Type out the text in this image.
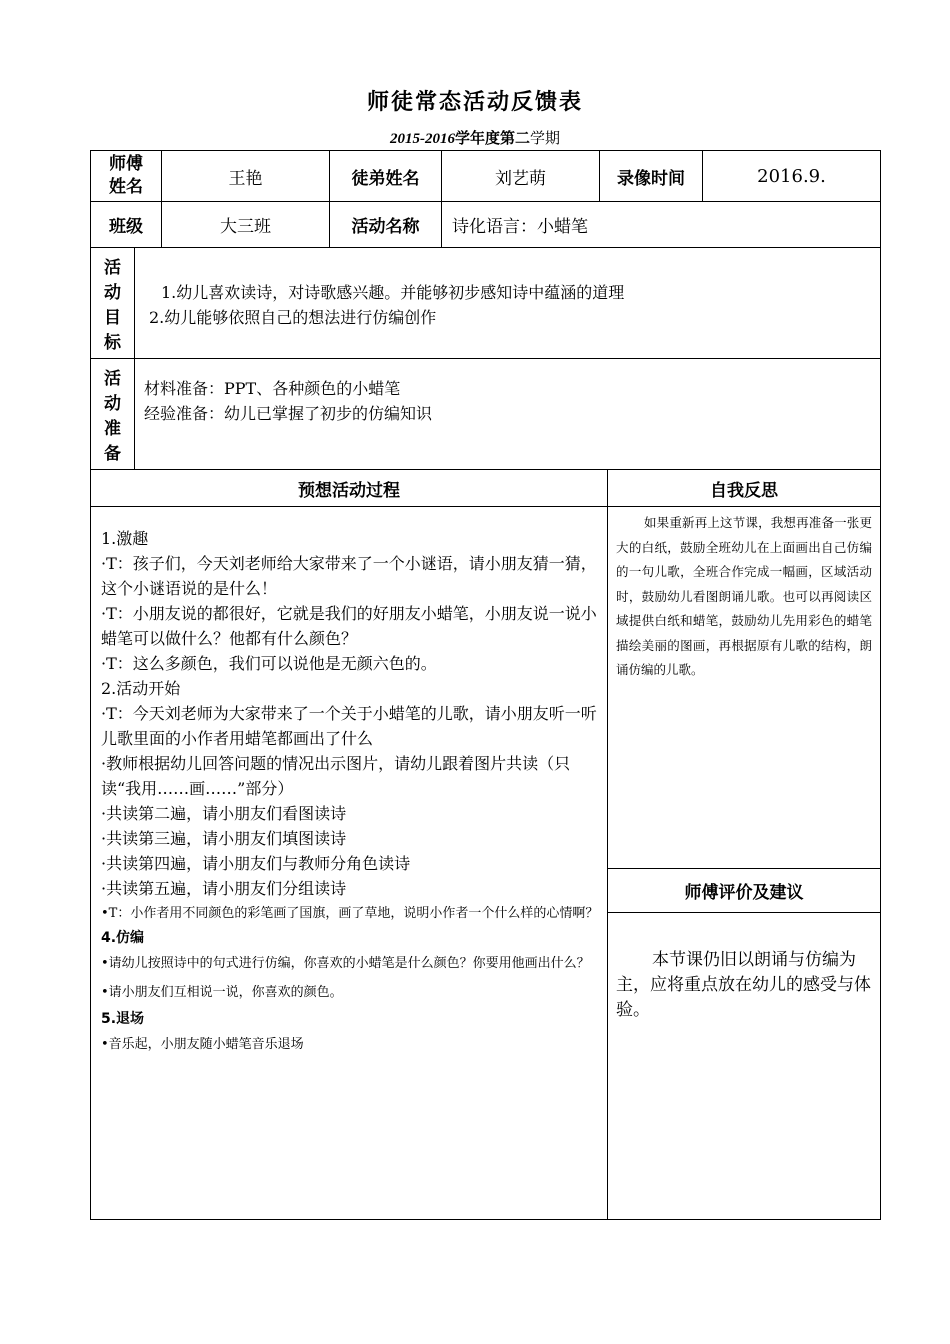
师徒常态活动反馈表
2015-2016学年度第二学期
师傅姓名	王艳	徒弟姓名	刘艺萌	录像时间	2016.9.
班级	大三班	活动名称	诗化语言：小蜡笔
活动目标

1.幼儿喜欢读诗，对诗歌感兴趣。并能够初步感知诗中蕴涵的道理

2.幼儿能够依照自己的想法进行仿编创作

活动准备

材料准备：PPT、各种颜色的小蜡笔

经验准备：幼儿已掌握了初步的仿编知识

预想活动过程	自我反思

1.激趣

·T：孩子们，今天刘老师给大家带来了一个小谜语，请小朋友猜一猜，这个小谜语说的是什么！

·T：小朋友说的都很好，它就是我们的好朋友小蜡笔，小朋友说一说小蜡笔可以做什么？他都有什么颜色？

·T：这么多颜色，我们可以说他是无颜六色的。

2.活动开始

·T：今天刘老师为大家带来了一个关于小蜡笔的儿歌，请小朋友听一听儿歌里面的小作者用蜡笔都画出了什么

·教师根据幼儿回答问题的情况出示图片，请幼儿跟着图片共读（只读“我用……画……”部分）

·共读第二遍，请小朋友们看图读诗

·共读第三遍，请小朋友们填图读诗

·共读第四遍，请小朋友们与教师分角色读诗

·共读第五遍，请小朋友们分组读诗

•T：小作者用不同颜色的彩笔画了国旗，画了草地，说明小作者一个什么样的心情啊？

4.仿编

•请幼儿按照诗中的句式进行仿编，你喜欢的小蜡笔是什么颜色？你要用他画出什么？

•请小朋友们互相说一说，你喜欢的颜色。

5.退场

•音乐起，小朋友随小蜡笔音乐退场

如果重新再上这节课，我想再准备一张更大的白纸，鼓励全班幼儿在上面画出自己仿编的一句儿歌，全班合作完成一幅画，区域活动时，鼓励幼儿看图朗诵儿歌。也可以再阅读区域提供白纸和蜡笔，鼓励幼儿先用彩色的蜡笔描绘美丽的图画，再根据原有儿歌的结构，朗诵仿编的儿歌。

师傅评价及建议

本节课仍旧以朗诵与仿编为主，应将重点放在幼儿的感受与体验。
